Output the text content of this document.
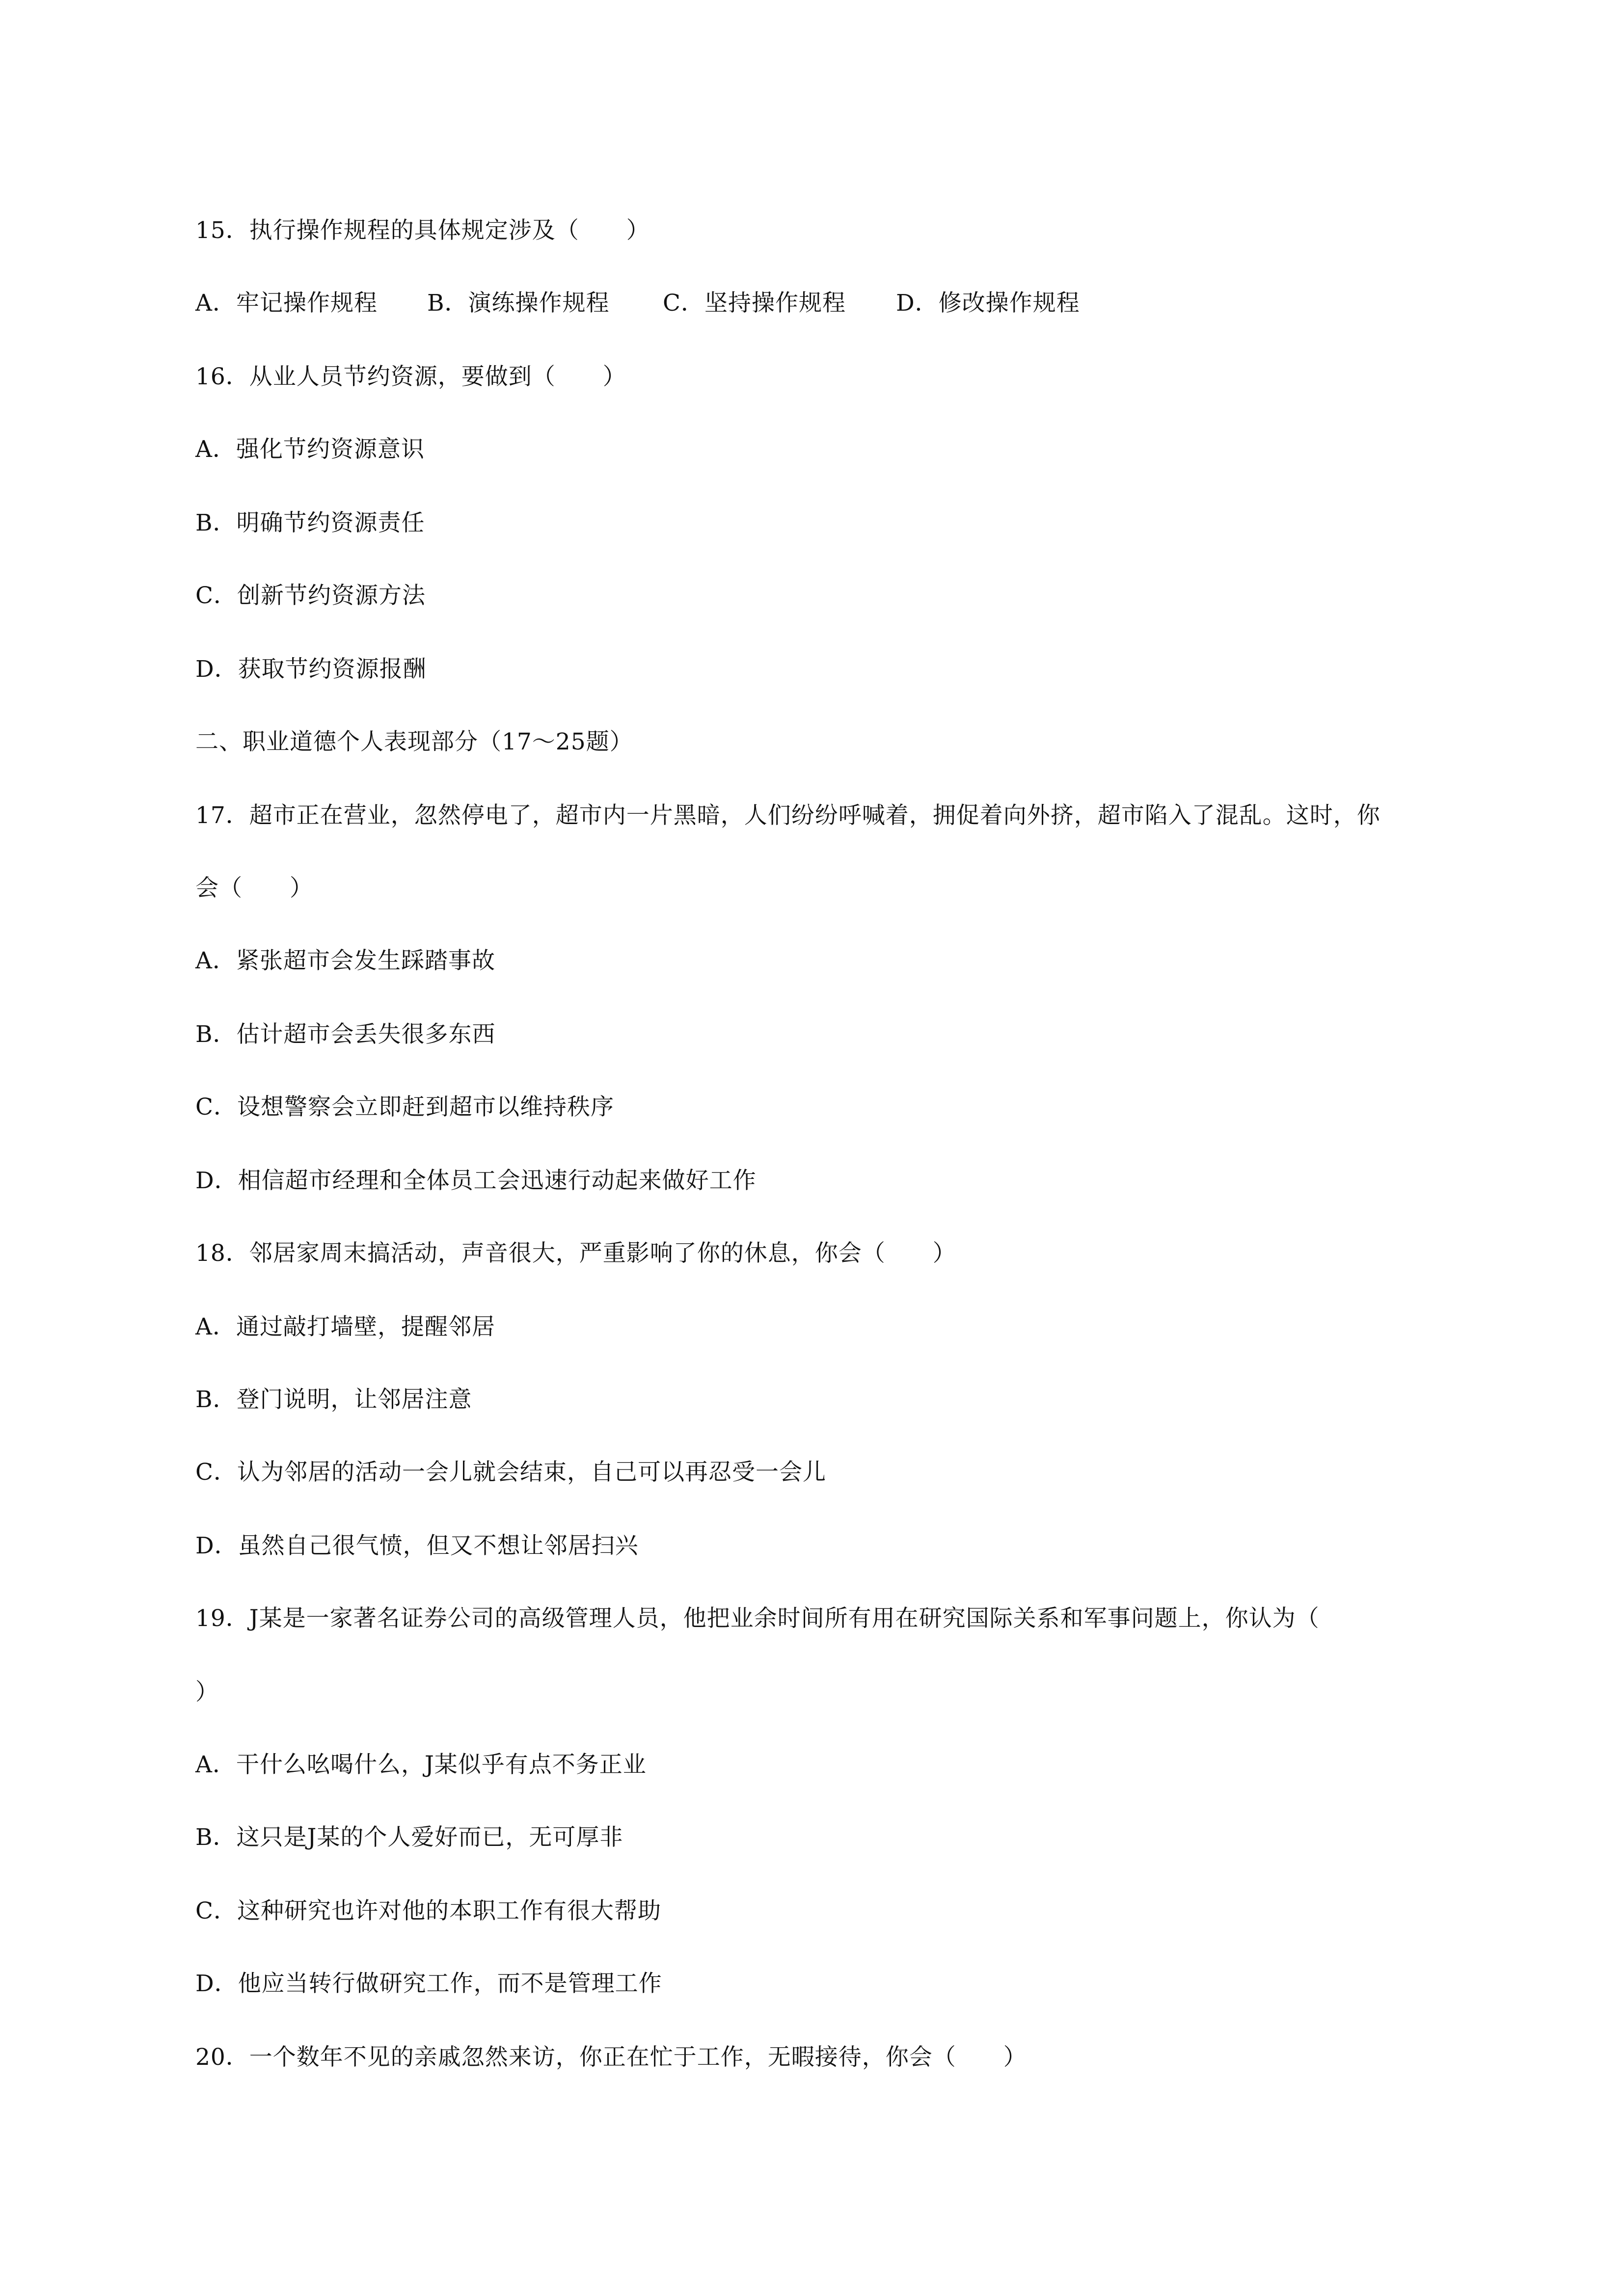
15．执行操作规程的具体规定涉及（　　）
A．牢记操作规程 B．演练操作规程 C．坚持操作规程 D．修改操作规程
16．从业人员节约资源，要做到（　　）
A．强化节约资源意识
B．明确节约资源责任
C．创新节约资源方法
D．获取节约资源报酬
二、职业道德个人表现部分（17～25题）
17．超市正在营业，忽然停电了，超市内一片黑暗，人们纷纷呼喊着，拥促着向外挤，超市陷入了混乱。这时，你
会（　　）
A．紧张超市会发生踩踏事故
B．估计超市会丢失很多东西
C．设想警察会立即赶到超市以维持秩序
D．相信超市经理和全体员工会迅速行动起来做好工作
18．邻居家周末搞活动，声音很大，严重影响了你的休息，你会（　　）
A．通过敲打墙壁，提醒邻居
B．登门说明，让邻居注意
C．认为邻居的活动一会儿就会结束，自己可以再忍受一会儿
D．虽然自己很气愤，但又不想让邻居扫兴
19．J某是一家著名证券公司的高级管理人员，他把业余时间所有用在研究国际关系和军事问题上，你认为（
）
A．干什么吆喝什么，J某似乎有点不务正业
B．这只是J某的个人爱好而已，无可厚非
C．这种研究也许对他的本职工作有很大帮助
D．他应当转行做研究工作，而不是管理工作
20．一个数年不见的亲戚忽然来访，你正在忙于工作，无暇接待，你会（　　）
